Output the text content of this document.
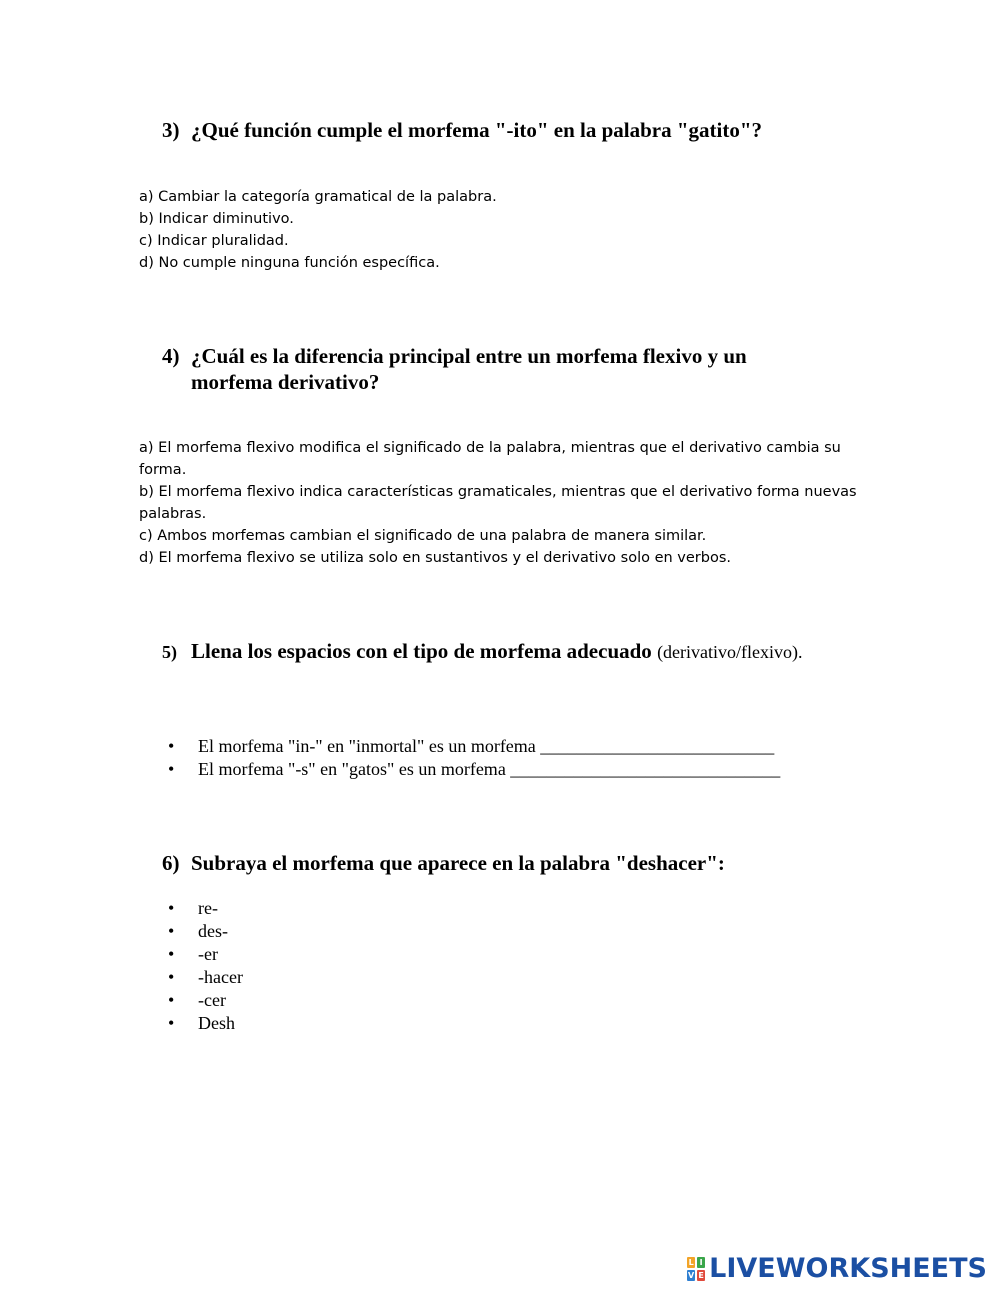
3) ¿Qué función cumple el morfema "-ito" en la palabra "gatito"?
a) Cambiar la categoría gramatical de la palabra.
b) Indicar diminutivo.
c) Indicar pluralidad.
d) No cumple ninguna función específica.
4) ¿Cuál es la diferencia principal entre un morfema flexivo y un morfema derivativo?
a) El morfema flexivo modifica el significado de la palabra, mientras que el derivativo cambia su forma.
b) El morfema flexivo indica características gramaticales, mientras que el derivativo forma nuevas palabras.
c) Ambos morfemas cambian el significado de una palabra de manera similar.
d) El morfema flexivo se utiliza solo en sustantivos y el derivativo solo en verbos.
5) Llena los espacios con el tipo de morfema adecuado (derivativo/flexivo).
• El morfema "in-" en "inmortal" es un morfema __________________________
• El morfema "-s" en "gatos" es un morfema ______________________________
6) Subraya el morfema que aparece en la palabra "deshacer":
• re-
• des-
• -er
• -hacer
• -cer
• Desh
L I
V E LIVEWORKSHEETS
